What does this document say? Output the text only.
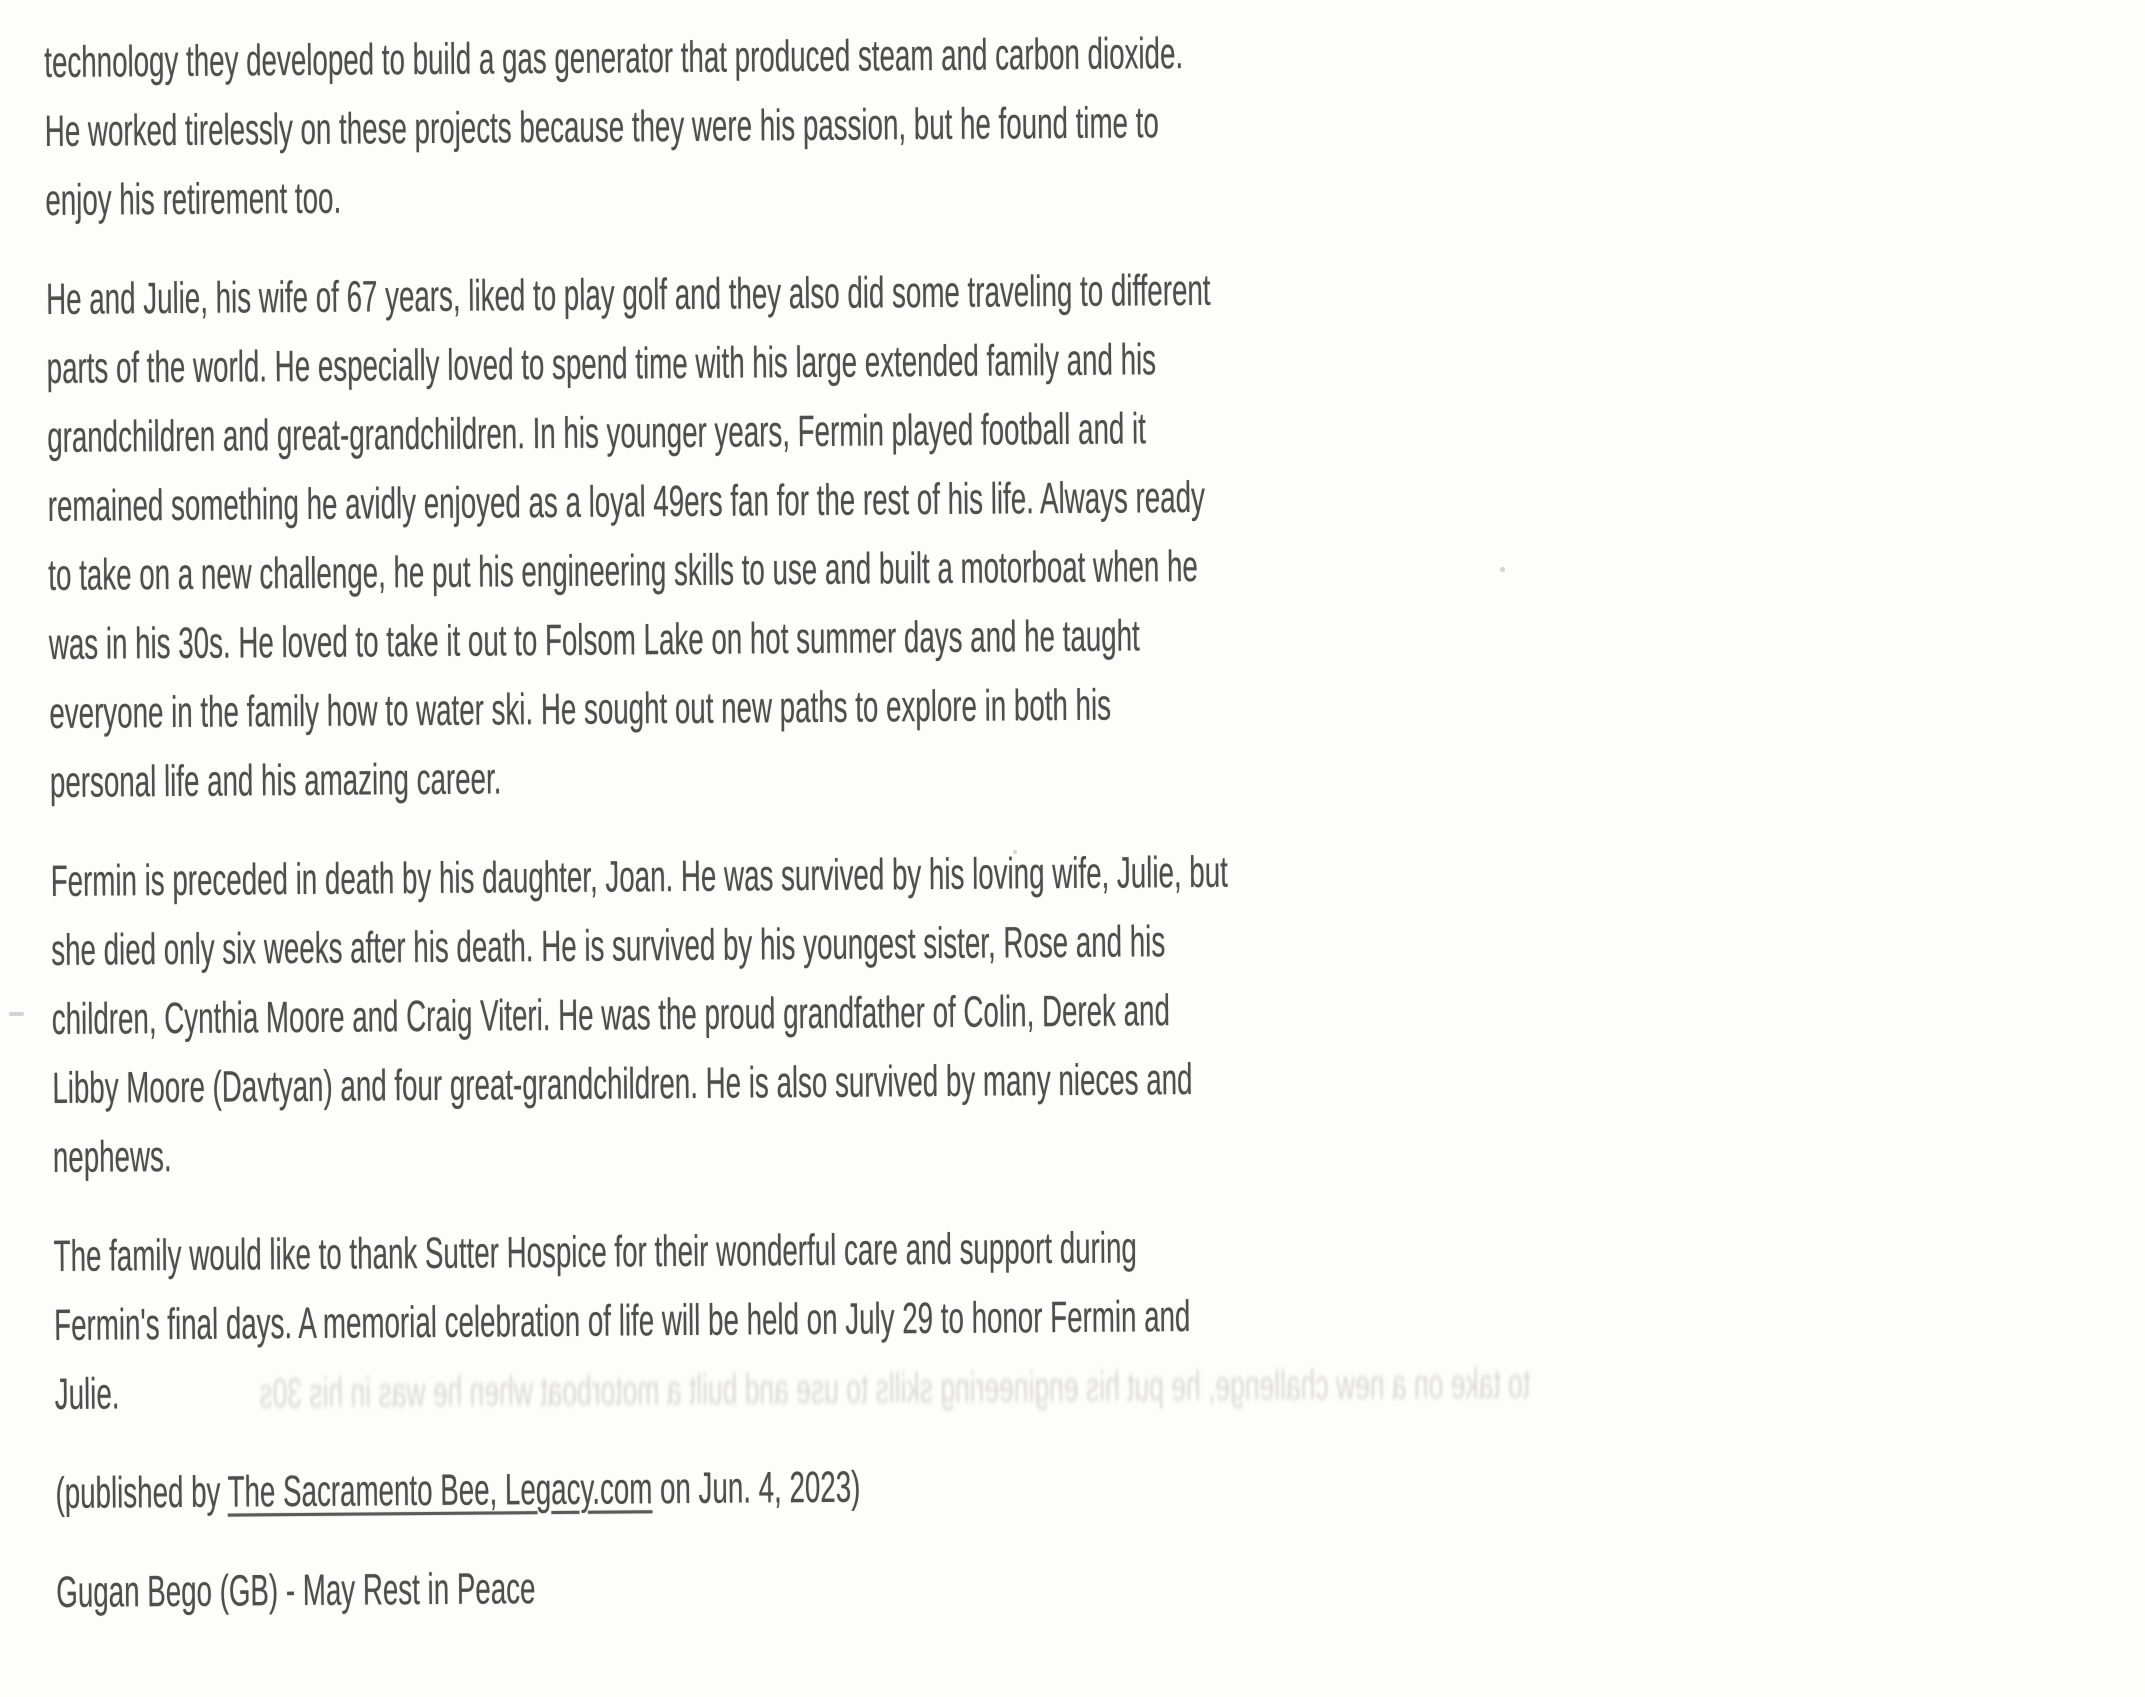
technology they developed to build a gas generator that produced steam and carbon dioxide.
He worked tirelessly on these projects because they were his passion, but he found time to
enjoy his retirement too.
He and Julie, his wife of 67 years, liked to play golf and they also did some traveling to different
parts of the world. He especially loved to spend time with his large extended family and his
grandchildren and great-grandchildren. In his younger years, Fermin played football and it
remained something he avidly enjoyed as a loyal 49ers fan for the rest of his life. Always ready
to take on a new challenge, he put his engineering skills to use and built a motorboat when he
was in his 30s. He loved to take it out to Folsom Lake on hot summer days and he taught
everyone in the family how to water ski. He sought out new paths to explore in both his
personal life and his amazing career.
Fermin is preceded in death by his daughter, Joan. He was survived by his loving wife, Julie, but
she died only six weeks after his death. He is survived by his youngest sister, Rose and his
children, Cynthia Moore and Craig Viteri. He was the proud grandfather of Colin, Derek and
Libby Moore (Davtyan) and four great-grandchildren. He is also survived by many nieces and
nephews.
The family would like to thank Sutter Hospice for their wonderful care and support during
Fermin's final days. A memorial celebration of life will be held on July 29 to honor Fermin and
Julie.
(published by The Sacramento Bee, Legacy.com on Jun. 4, 2023)
Gugan Bego (GB) - May Rest in Peace
to take on a new challenge, he put his engineering skills to use and built a motorboat when he was in his 30s
